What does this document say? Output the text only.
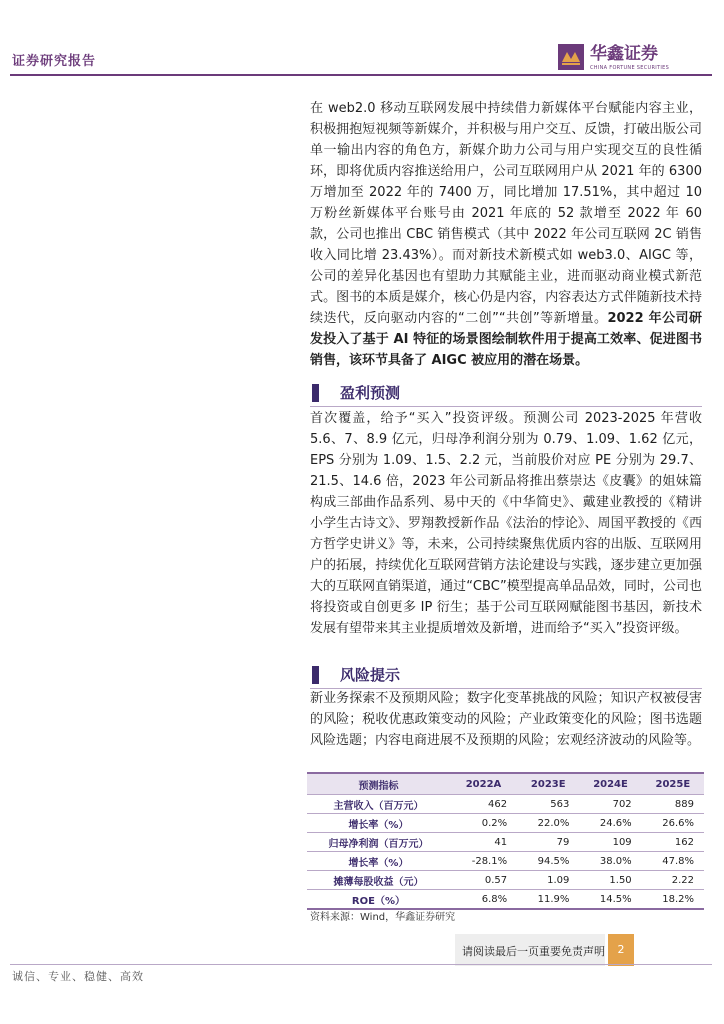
证券研究报告	华鑫证券
CHINA FORTUNE SECURITIES

在 web2.0 移动互联网发展中持续借力新媒体平台赋能内容主业，积极拥抱短视频等新媒介，并积极与用户交互、反馈，打破出版公司单一输出内容的角色方，新媒介助力公司与用户实现交互的良性循环，即将优质内容推送给用户，公司互联网用户从 2021 年的 6300 万增加至 2022 年的 7400 万，同比增加 17.51%，其中超过 10 万粉丝新媒体平台账号由 2021 年底的 52 款增至 2022 年 60 款，公司也推出 CBC 销售模式（其中 2022 年公司互联网 2C 销售收入同比增 23.43%）。而对新技术新模式如 web3.0、AIGC 等，公司的差异化基因也有望助力其赋能主业，进而驱动商业模式新范式。图书的本质是媒介，核心仍是内容，内容表达方式伴随新技术持续迭代，反向驱动内容的“二创”“共创”等新增量。2022 年公司研发投入了基于 AI 特征的场景图绘制软件用于提高工效率、促进图书销售，该环节具备了 AIGC 被应用的潜在场景。

盈利预测

首次覆盖，给予“买入”投资评级。预测公司 2023-2025 年营收 5.6、7、8.9 亿元，归母净利润分别为 0.79、1.09、1.62 亿元，EPS 分别为 1.09、1.5、2.2 元，当前股价对应 PE 分别为 29.7、21.5、14.6 倍，2023 年公司新品将推出蔡崇达《皮囊》的姐妹篇构成三部曲作品系列、易中天的《中华简史》、戴建业教授的《精讲小学生古诗文》、罗翔教授新作品《法治的悖论》、周国平教授的《西方哲学史讲义》等，未来，公司持续聚焦优质内容的出版、互联网用户的拓展，持续优化互联网营销方法论建设与实践，逐步建立更加强大的互联网直销渠道，通过“CBC”模型提高单品品效，同时，公司也将投资或自创更多 IP 衍生；基于公司互联网赋能图书基因，新技术发展有望带来其主业提质增效及新增，进而给予“买入”投资评级。

风险提示

新业务探索不及预期风险；数字化变革挑战的风险；知识产权被侵害的风险；税收优惠政策变动的风险；产业政策变化的风险；图书选题风险选题；内容电商进展不及预期的风险；宏观经济波动的风险等。

预测指标	2022A	2023E	2024E	2025E
主营收入（百万元）	462	563	702	889
增长率（%）	0.2%	22.0%	24.6%	26.6%
归母净利润（百万元）	41	79	109	162
增长率（%）	-28.1%	94.5%	38.0%	47.8%
摊薄每股收益（元）	0.57	1.09	1.50	2.22
ROE（%）	6.8%	11.9%	14.5%	18.2%
资料来源：Wind，华鑫证券研究
请阅读最后一页重要免责声明	2
诚信、专业、稳健、高效
